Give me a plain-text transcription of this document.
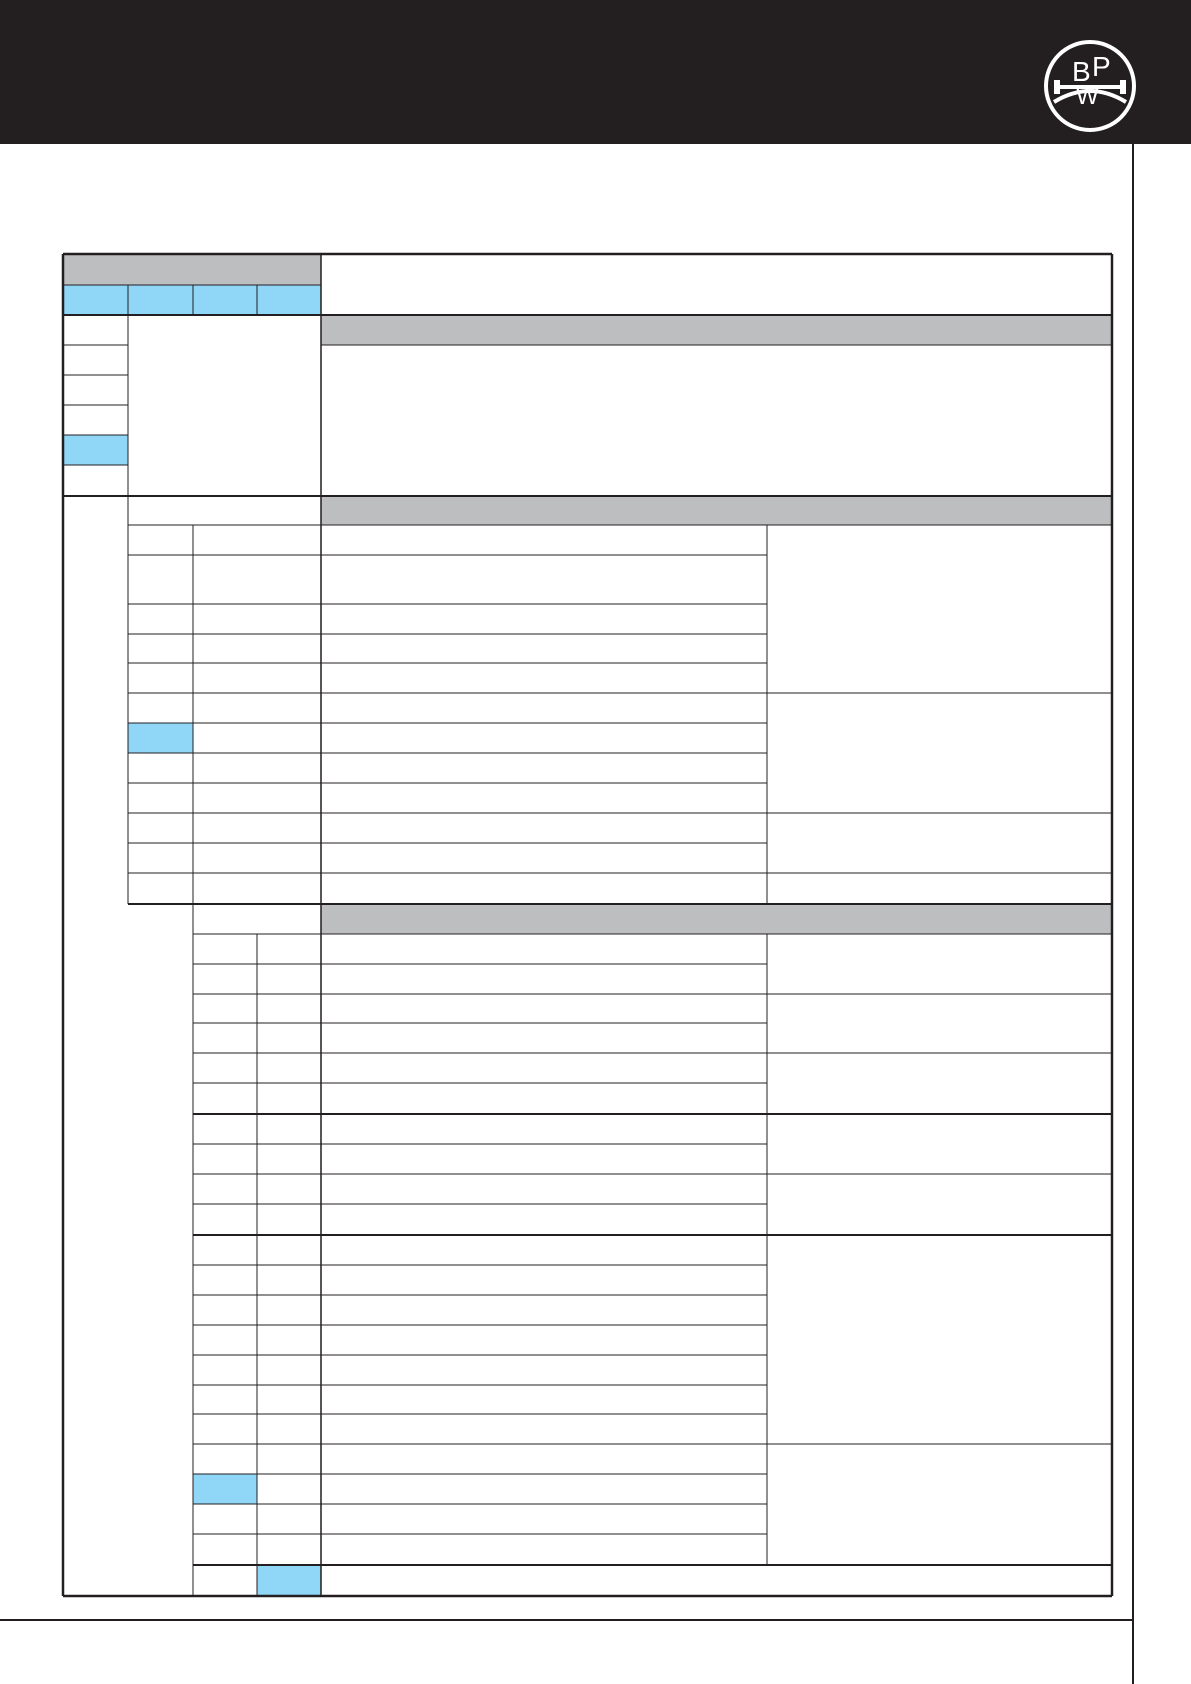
B P
W
